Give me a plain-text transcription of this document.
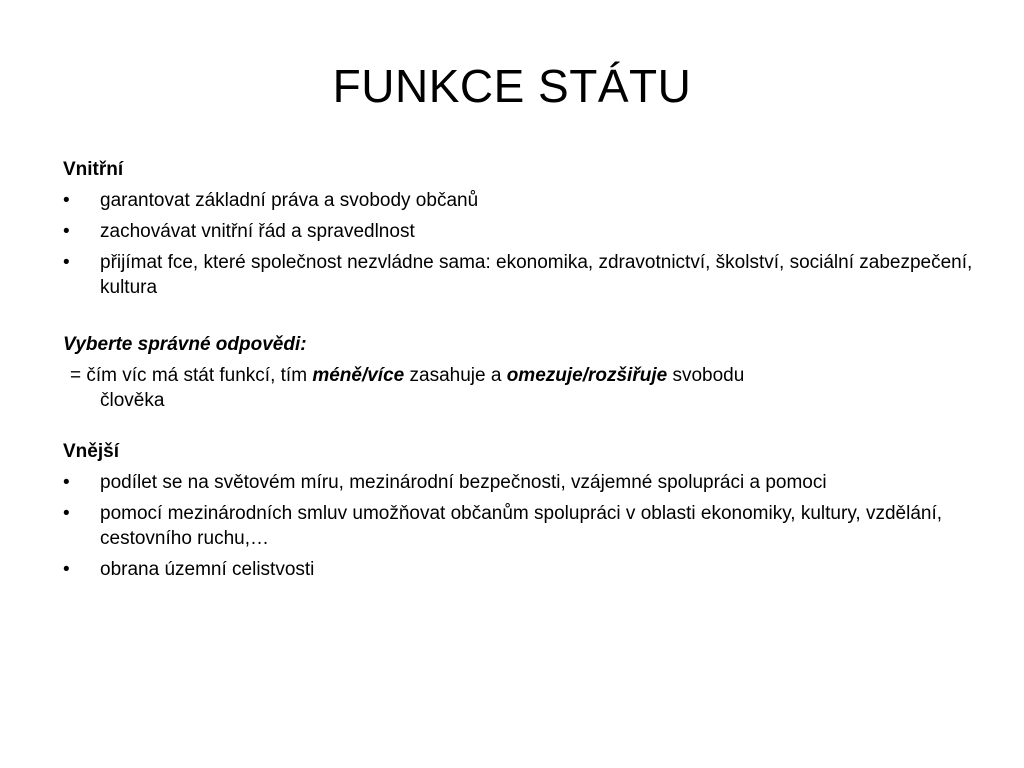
FUNKCE STÁTU
Vnitřní
• garantovat základní práva a svobody občanů
• zachovávat vnitřní řád a spravedlnost
• přijímat fce, které společnost nezvládne sama: ekonomika, zdravotnictví, školství, sociální zabezpečení, kultura
Vyberte správné odpovědi:

= čím víc má stát funkcí, tím méně/více zasahuje a omezuje/rozšiřuje svobodu
člověka

Vnější
• podílet se na světovém míru, mezinárodní bezpečnosti, vzájemné spolupráci a pomoci
• pomocí mezinárodních smluv umožňovat občanům spolupráci v oblasti ekonomiky, kultury, vzdělání, cestovního ruchu,…
• obrana územní celistvosti
